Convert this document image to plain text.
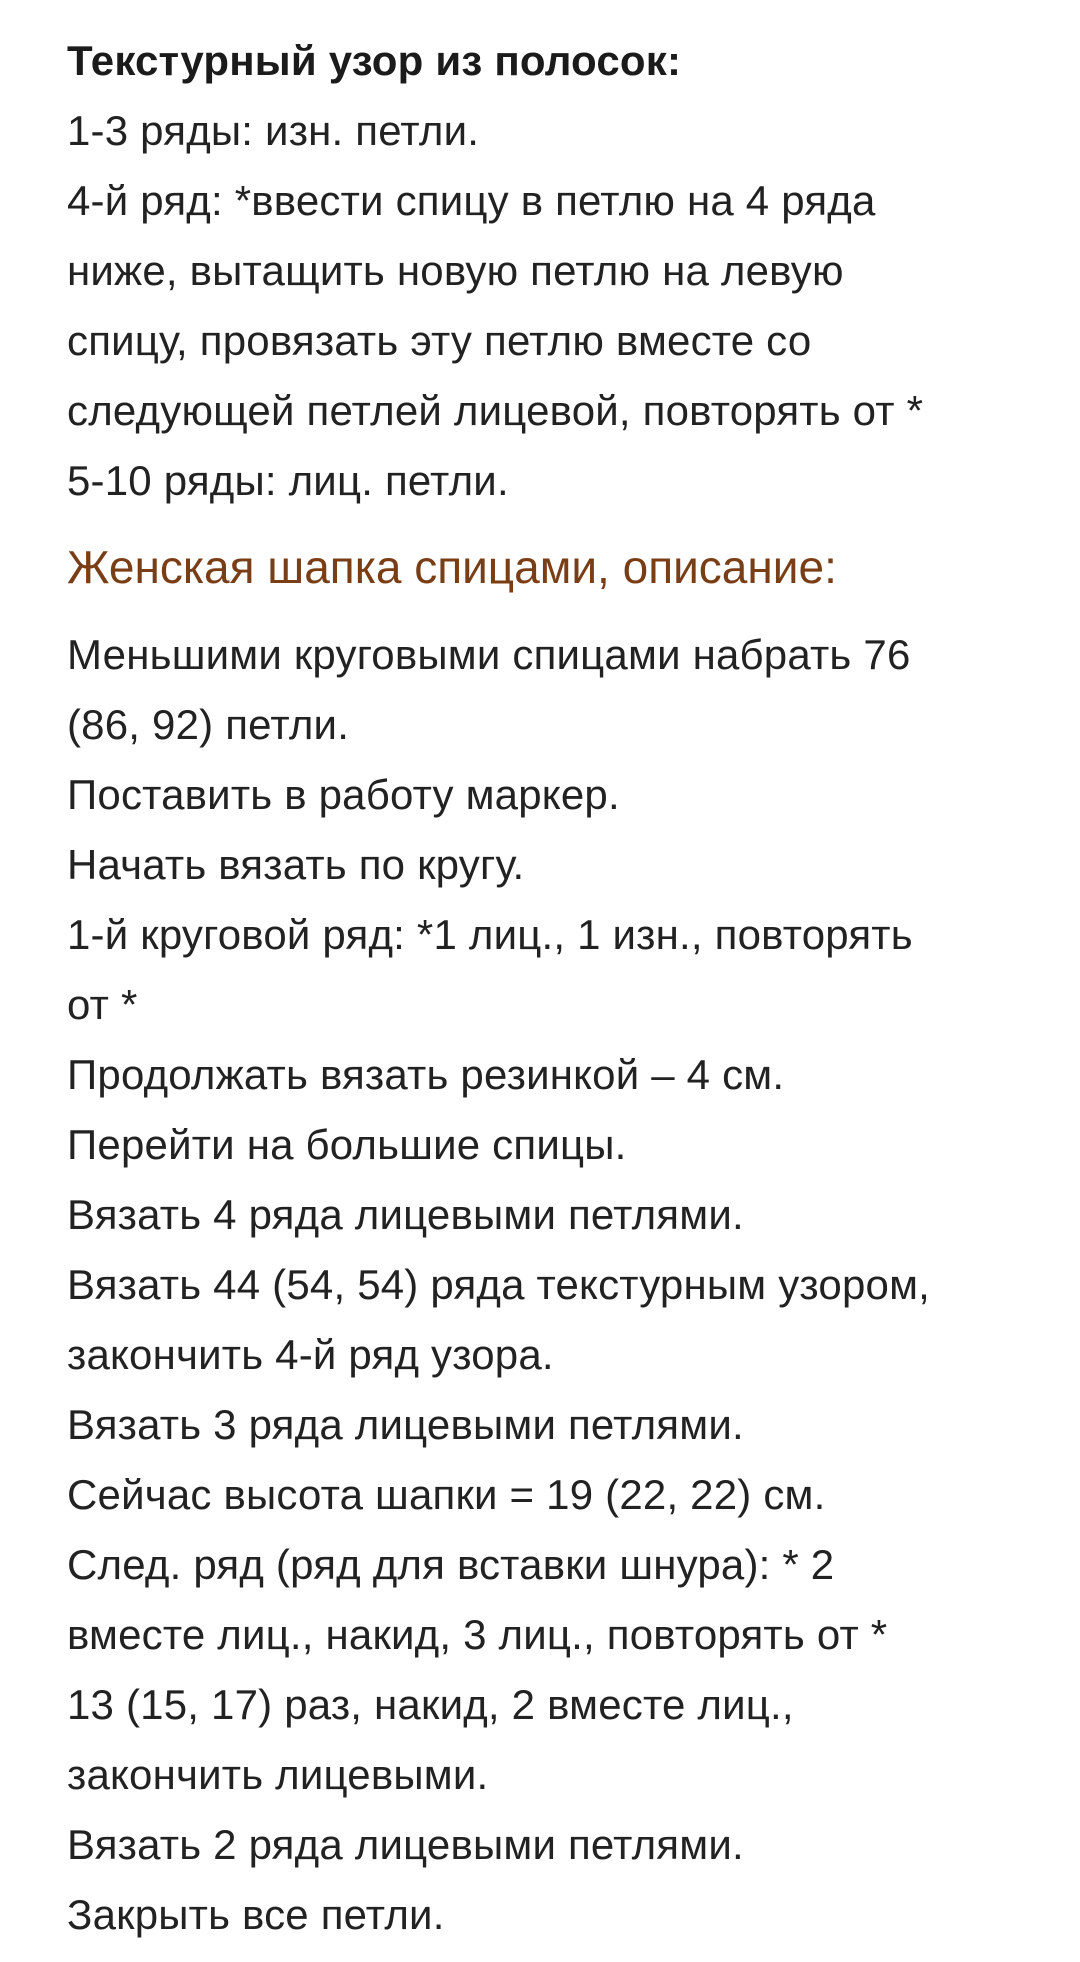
Текстурный узор из полосок:
1-3 ряды: изн. петли.
4-й ряд: *ввести спицу в петлю на 4 ряда
ниже, вытащить новую петлю на левую
спицу, провязать эту петлю вместе со
следующей петлей лицевой, повторять от *
5-10 ряды: лиц. петли.
Женская шапка спицами, описание:
Меньшими круговыми спицами набрать 76
(86, 92) петли.
Поставить в работу маркер.
Начать вязать по кругу.
1-й круговой ряд: *1 лиц., 1 изн., повторять
от *
Продолжать вязать резинкой – 4 см.
Перейти на большие спицы.
Вязать 4 ряда лицевыми петлями.
Вязать 44 (54, 54) ряда текстурным узором,
закончить 4-й ряд узора.
Вязать 3 ряда лицевыми петлями.
Сейчас высота шапки = 19 (22, 22) см.
След. ряд (ряд для вставки шнура): * 2
вместе лиц., накид, 3 лиц., повторять от *
13 (15, 17) раз, накид, 2 вместе лиц.,
закончить лицевыми.
Вязать 2 ряда лицевыми петлями.
Закрыть все петли.
